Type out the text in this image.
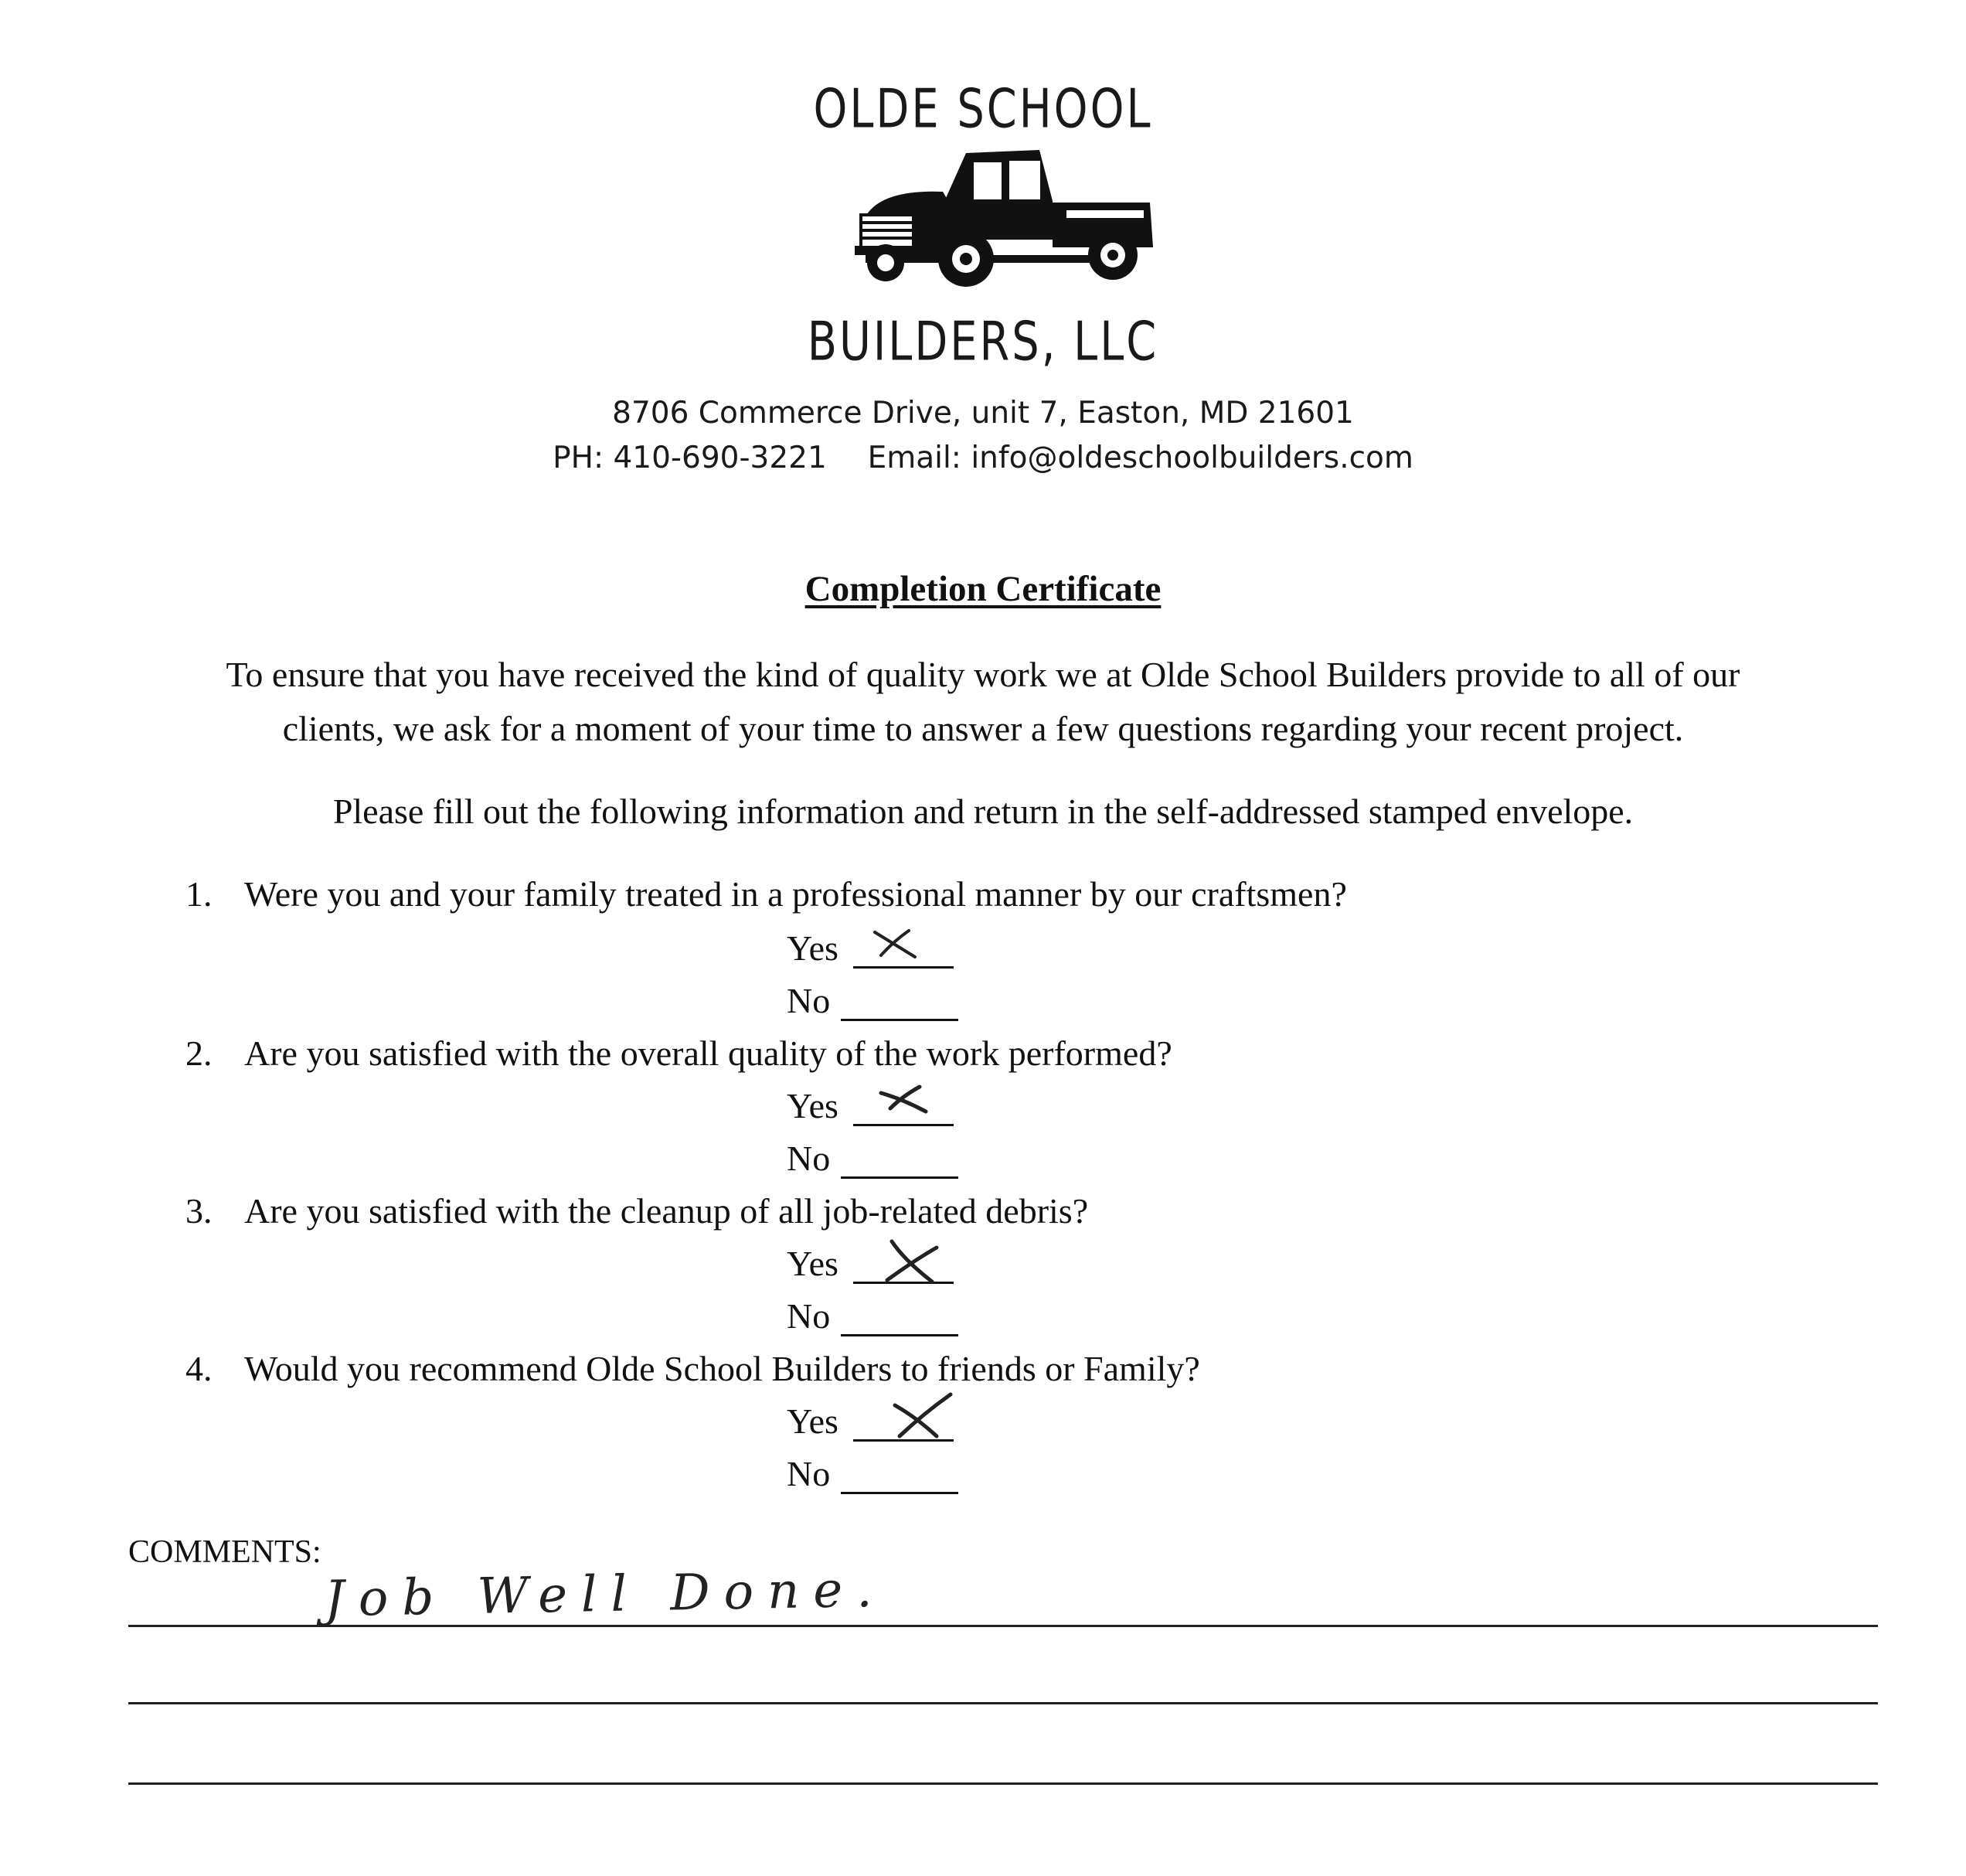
OLDE SCHOOL
BUILDERS, LLC
8706 Commerce Drive, unit 7, Easton, MD 21601
PH: 410-690-3221 Email: info@oldeschoolbuilders.com
Completion Certificate
To ensure that you have received the kind of quality work we at Olde School Builders provide to all of our
clients, we ask for a moment of your time to answer a few questions regarding your recent project.
Please fill out the following information and return in the self-addressed stamped envelope.
1. Were you and your family treated in a professional manner by our craftsmen?
Yes
No
2. Are you satisfied with the overall quality of the work performed?
Yes
No
3. Are you satisfied with the cleanup of all job-related debris?
Yes
No
4. Would you recommend Olde School Builders to friends or Family?
Yes
No
COMMENTS:
Job Well Done.
